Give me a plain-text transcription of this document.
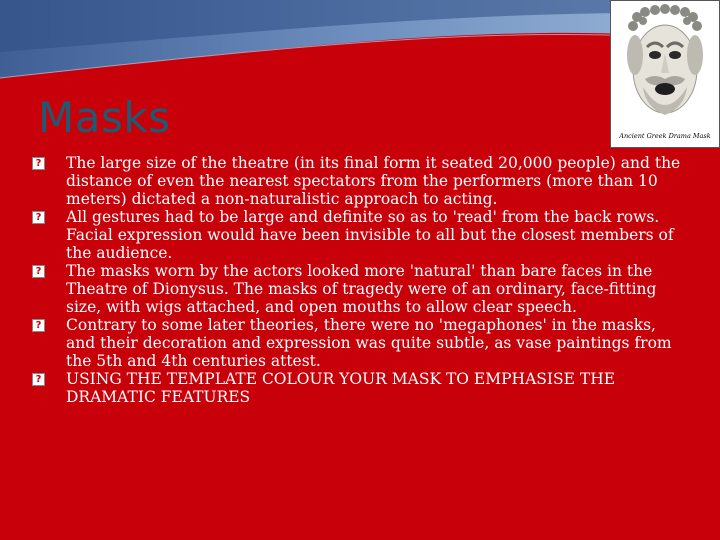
Masks	Ancient Greek Drama Mask
? The large size of the theatre (in its final form it seated 20,000 people) and the distance of even the nearest spectators from the performers (more than 10 meters) dictated a non-naturalistic approach to acting.
? All gestures had to be large and definite so as to 'read' from the back rows. Facial expression would have been invisible to all but the closest members of the audience.
? The masks worn by the actors looked more 'natural' than bare faces in the Theatre of Dionysus. The masks of tragedy were of an ordinary, face-fitting size, with wigs attached, and open mouths to allow clear speech.
? Contrary to some later theories, there were no 'megaphones' in the masks, and their decoration and expression was quite subtle, as vase paintings from the 5th and 4th centuries attest.
? USING THE TEMPLATE COLOUR YOUR MASK TO EMPHASISE THE DRAMATIC FEATURES
